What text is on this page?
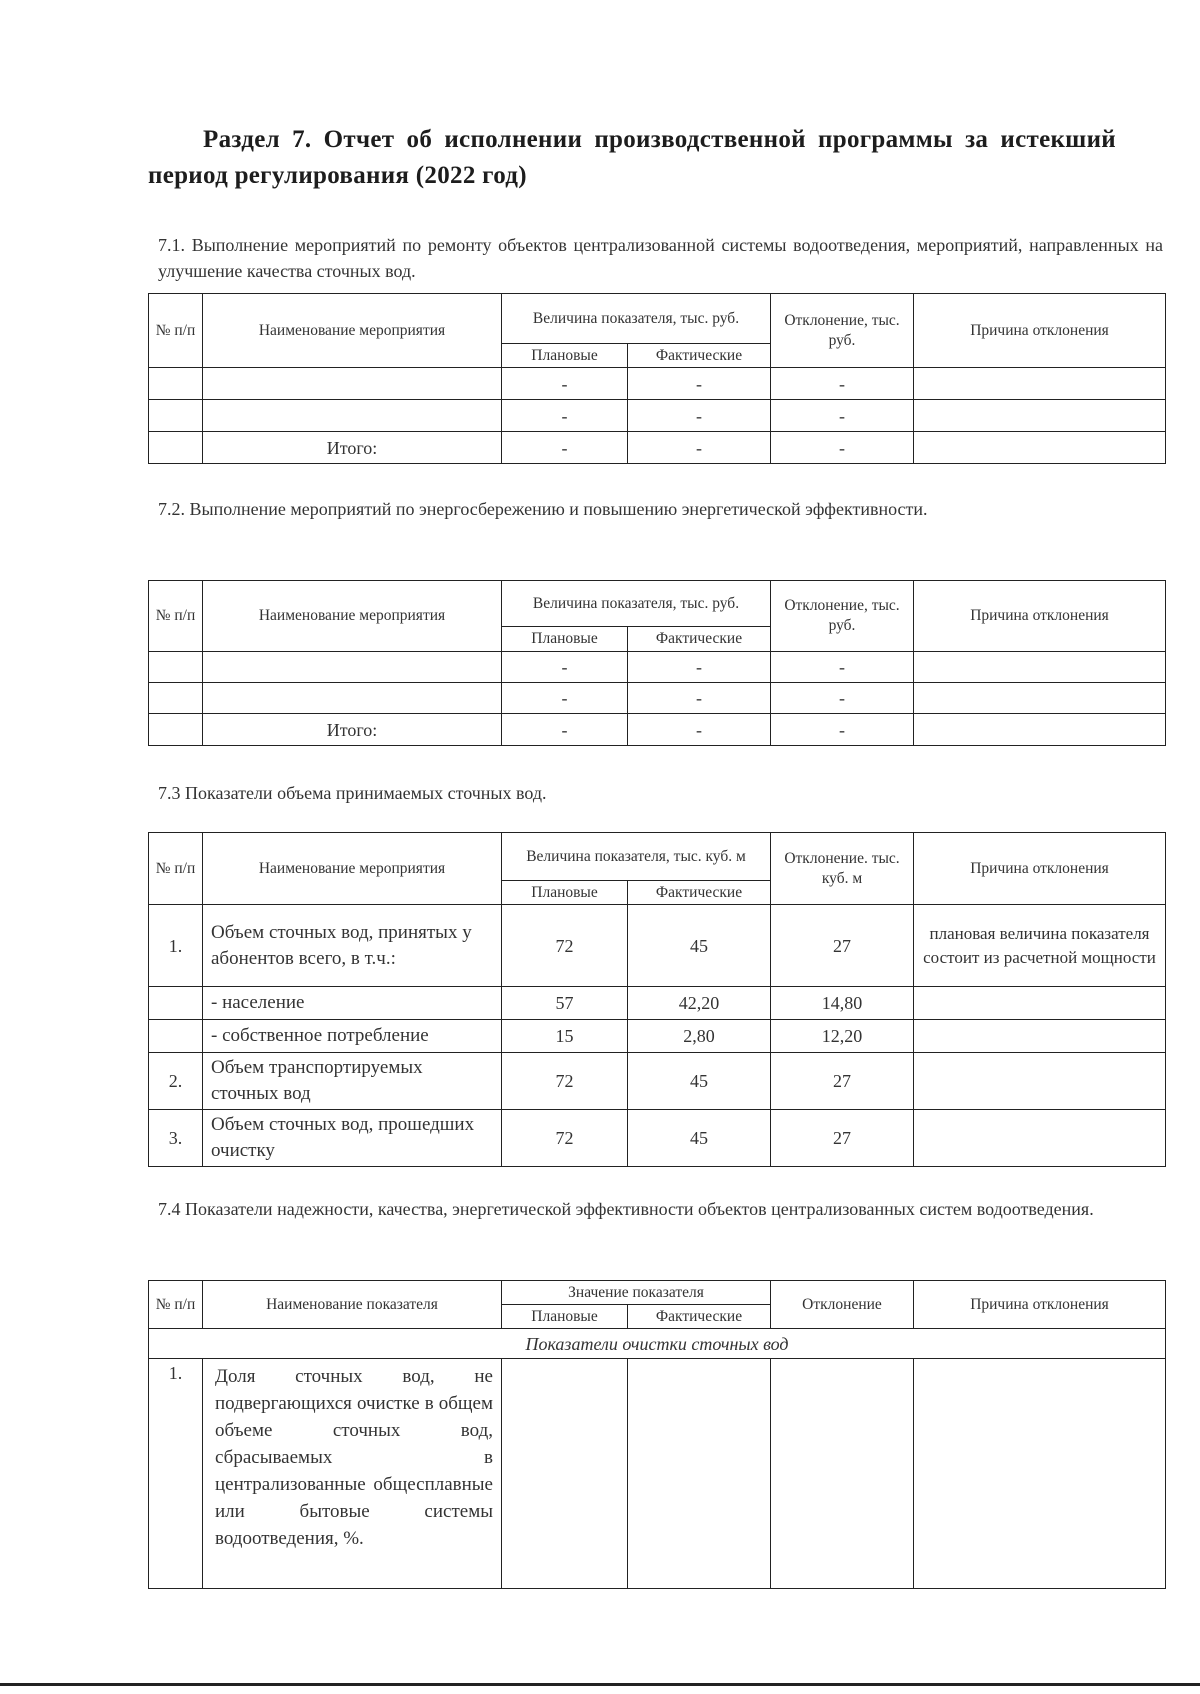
Раздел 7. Отчет об исполнении производственной программы за истекший период регулирования (2022 год)

7.1. Выполнение мероприятий по ремонту объектов централизованной системы водоотведения, мероприятий, направленных на улучшение качества сточных вод.

№ п/п	Наименование мероприятия	Величина показателя, тыс. руб.		Отклонение, тыс. руб.	Причина отклонения
		Плановые	Фактические		
		-	-	-	
		-	-	-	
	Итого:	-	-	-	

7.2. Выполнение мероприятий по энергосбережению и повышению энергетической эффективности.

№ п/п	Наименование мероприятия	Величина показателя, тыс. руб.		Отклонение, тыс. руб.	Причина отклонения
		Плановые	Фактические		
		-	-	-	
		-	-	-	
	Итого:	-	-	-	

7.3 Показатели объема принимаемых сточных вод.

№ п/п	Наименование мероприятия	Величина показателя, тыс. куб. м		Отклонение. тыс. куб. м	Причина отклонения
		Плановые	Фактические		
1.	Объем сточных вод, принятых у абонентов всего, в т.ч.:	72	45	27	плановая величина показателя состоит из расчетной мощности
	- население	57	42,20	14,80	
	- собственное потребление	15	2,80	12,20	
2.	Объем транспортируемых сточных вод	72	45	27	
3.	Объем сточных вод, прошедших очистку	72	45	27	

7.4 Показатели надежности, качества, энергетической эффективности объектов централизованных систем водоотведения.

№ п/п	Наименование показателя	Значение показателя		Отклонение	Причина отклонения
		Плановые	Фактические		
Показатели очистки сточных вод					
1.	Доля сточных вод, не подвергающихся очистке в общем объеме сточных вод, сбрасываемых в централизованные общесплавные или бытовые системы водоотведения, %.				
